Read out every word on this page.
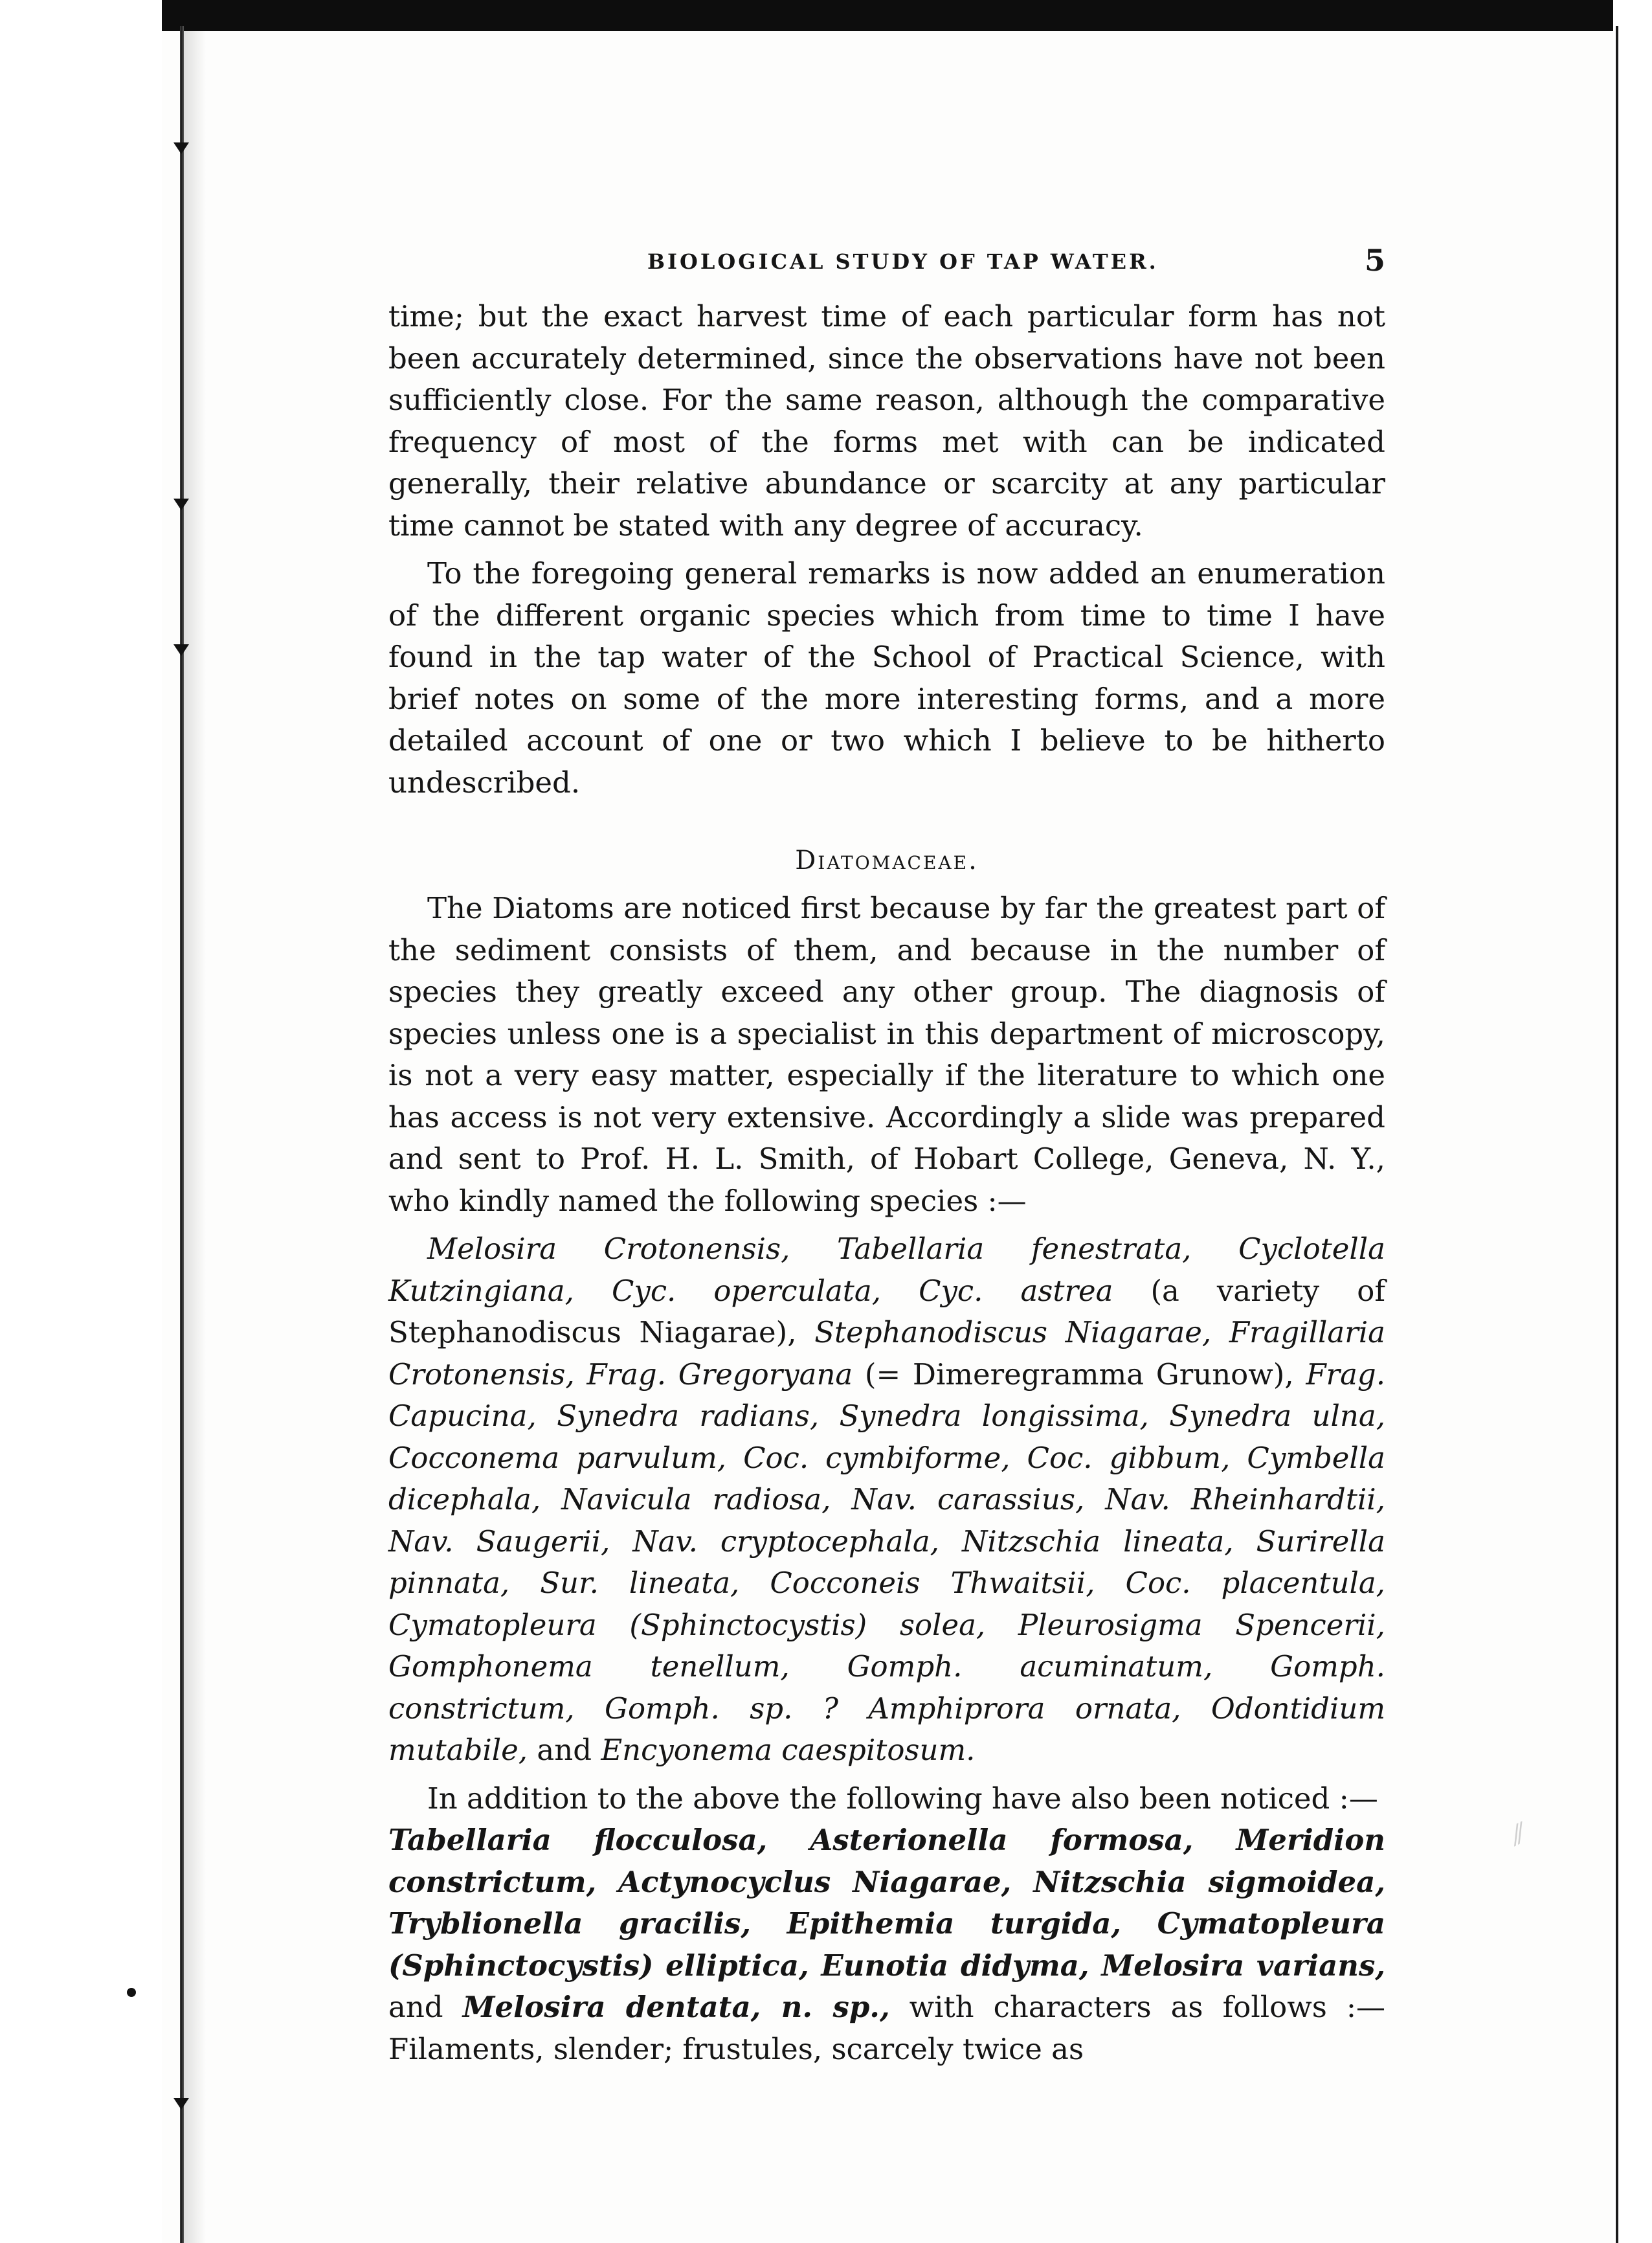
⁄⁄
BIOLOGICAL STUDY OF TAP WATER.	5

time; but the exact harvest time of each particular form has not been accurately determined, since the observations have not been sufficiently close. For the same reason, although the comparative frequency of most of the forms met with can be indicated generally, their relative abundance or scarcity at any particular time cannot be stated with any degree of accuracy.

To the foregoing general remarks is now added an enumeration of the different organic species which from time to time I have found in the tap water of the School of Practical Science, with brief notes on some of the more interesting forms, and a more detailed account of one or two which I believe to be hitherto undescribed.

Diatomaceae.

The Diatoms are noticed first because by far the greatest part of the sediment consists of them, and because in the number of species they greatly exceed any other group. The diagnosis of species unless one is a specialist in this department of microscopy, is not a very easy matter, especially if the literature to which one has access is not very extensive. Accordingly a slide was prepared and sent to Prof. H. L. Smith, of Hobart College, Geneva, N. Y., who kindly named the following species :—

Melosira Crotonensis, Tabellaria fenestrata, Cyclotella Kutzingiana, Cyc. operculata, Cyc. astrea (a variety of Stephanodiscus Niagarae), Stephanodiscus Niagarae, Fragillaria Crotonensis, Frag. Gregoryana (= Dimeregramma Grunow), Frag. Capucina, Synedra radians, Synedra longissima, Synedra ulna, Cocconema parvulum, Coc. cymbiforme, Coc. gibbum, Cymbella dicephala, Navicula radiosa, Nav. carassius, Nav. Rheinhardtii, Nav. Saugerii, Nav. cryptocephala, Nitzschia lineata, Surirella pinnata, Sur. lineata, Cocconeis Thwaitsii, Coc. placentula, Cymatopleura (Sphinctocystis) solea, Pleurosigma Spencerii, Gomphonema tenellum, Gomph. acuminatum, Gomph. constrictum, Gomph. sp. ? Amphiprora ornata, Odontidium mutabile, and Encyonema caespitosum.

In addition to the above the following have also been noticed :—

Tabellaria flocculosa, Asterionella formosa, Meridion constrictum, Actynocyclus Niagarae, Nitzschia sigmoidea, Tryblionella gracilis, Epithemia turgida, Cymatopleura (Sphinctocystis) elliptica, Eunotia didyma, Melosira varians, and Melosira dentata, n. sp., with characters as follows :—Filaments, slender; frustules, scarcely twice as
